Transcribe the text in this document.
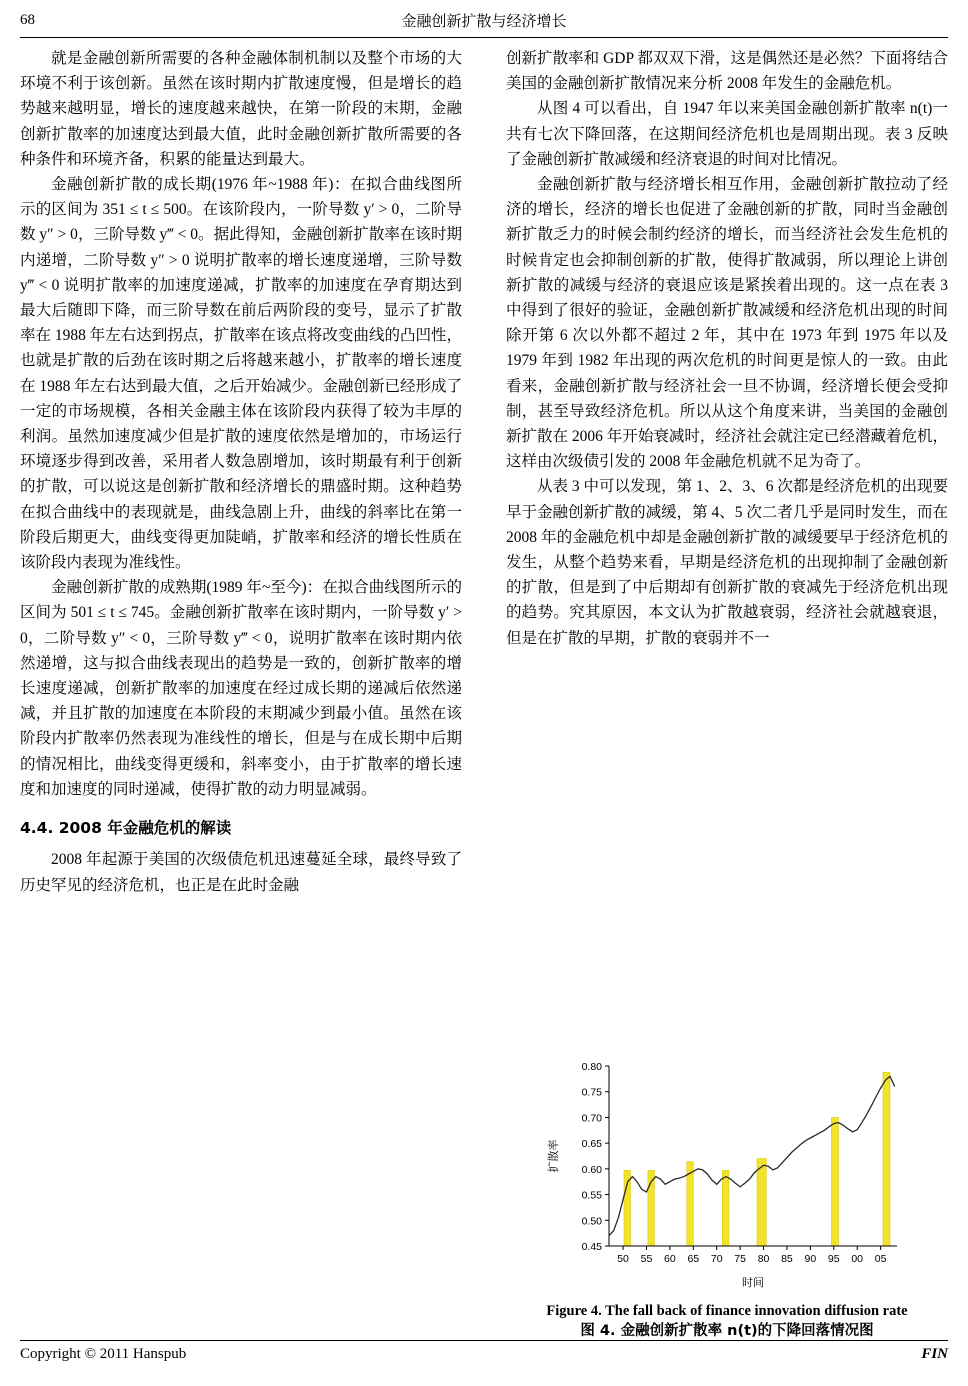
68	金融创新扩散与经济增长

就是金融创新所需要的各种金融体制机制以及整个市场的大环境不利于该创新。虽然在该时期内扩散速度慢，但是增长的趋势越来越明显，增长的速度越来越快，在第一阶段的末期，金融创新扩散率的加速度达到最大值，此时金融创新扩散所需要的各种条件和环境齐备，积累的能量达到最大。

金融创新扩散的成长期(1976 年~1988 年)：在拟合曲线图所示的区间为 351 ≤ t ≤ 500。在该阶段内，一阶导数 y′ > 0，二阶导数 y″ > 0，三阶导数 y‴ < 0。据此得知，金融创新扩散率在该时期内递增，二阶导数 y″ > 0 说明扩散率的增长速度递增，三阶导数 y‴ < 0 说明扩散率的加速度递减，扩散率的加速度在孕育期达到最大后随即下降，而三阶导数在前后两阶段的变号，显示了扩散率在 1988 年左右达到拐点，扩散率在该点将改变曲线的凸凹性，也就是扩散的后劲在该时期之后将越来越小，扩散率的增长速度在 1988 年左右达到最大值，之后开始减少。金融创新已经形成了一定的市场规模，各相关金融主体在该阶段内获得了较为丰厚的利润。虽然加速度减少但是扩散的速度依然是增加的，市场运行环境逐步得到改善，采用者人数急剧增加，该时期最有利于创新的扩散，可以说这是创新扩散和经济增长的鼎盛时期。这种趋势在拟合曲线中的表现就是，曲线急剧上升，曲线的斜率比在第一阶段后期更大，曲线变得更加陡峭，扩散率和经济的增长性质在该阶段内表现为准线性。

金融创新扩散的成熟期(1989 年~至今)：在拟合曲线图所示的区间为 501 ≤ t ≤ 745。金融创新扩散率在该时期内，一阶导数 y′ > 0，二阶导数 y″ < 0，三阶导数 y‴ < 0，说明扩散率在该时期内依然递增，这与拟合曲线表现出的趋势是一致的，创新扩散率的增长速度递减，创新扩散率的加速度在经过成长期的递减后依然递减，并且扩散的加速度在本阶段的末期减少到最小值。虽然在该阶段内扩散率仍然表现为准线性的增长，但是与在成长期中后期的情况相比，曲线变得更缓和，斜率变小，由于扩散率的增长速度和加速度的同时递减，使得扩散的动力明显减弱。

4.4. 2008 年金融危机的解读

2008 年起源于美国的次级债危机迅速蔓延全球，最终导致了历史罕见的经济危机，也正是在此时金融

创新扩散率和 GDP 都双双下滑，这是偶然还是必然？下面将结合美国的金融创新扩散情况来分析 2008 年发生的金融危机。

从图 4 可以看出，自 1947 年以来美国金融创新扩散率 n(t)一共有七次下降回落，在这期间经济危机也是周期出现。表 3 反映了金融创新扩散减缓和经济衰退的时间对比情况。

金融创新扩散与经济增长相互作用，金融创新扩散拉动了经济的增长，经济的增长也促进了金融创新的扩散，同时当金融创新扩散乏力的时候会制约经济的增长，而当经济社会发生危机的时候肯定也会抑制创新的扩散，使得扩散减弱，所以理论上讲创新扩散的减缓与经济的衰退应该是紧挨着出现的。这一点在表 3 中得到了很好的验证，金融创新扩散减缓和经济危机出现的时间除开第 6 次以外都不超过 2 年，其中在 1973 年到 1975 年以及 1979 年到 1982 年出现的两次危机的时间更是惊人的一致。由此看来，金融创新扩散与经济社会一旦不协调，经济增长便会受抑制，甚至导致经济危机。所以从这个角度来讲，当美国的金融创新扩散在 2006 年开始衰减时，经济社会就注定已经潜藏着危机，这样由次级债引发的 2008 年金融危机就不足为奇了。

从表 3 中可以发现，第 1、2、3、6 次都是经济危机的出现要早于金融创新扩散的减缓，第 4、5 次二者几乎是同时发生，而在 2008 年的金融危机中却是金融创新扩散的减缓要早于经济危机的发生，从整个趋势来看，早期是经济危机的出现抑制了金融创新的扩散，但是到了中后期却有创新扩散的衰减先于经济危机出现的趋势。究其原因，本文认为扩散越衰弱，经济社会就越衰退，但是在扩散的早期，扩散的衰弱并不一

0.45
0.50
0.55
0.60
0.65
0.70
0.75
0.80
50 55 60 65 70 75 80 85 90 95 00 05
时间
扩散率
Figure 4. The fall back of finance innovation diffusion rate
图 4. 金融创新扩散率 n(t)的下降回落情况图
Copyright © 2011 Hanspub	FIN
